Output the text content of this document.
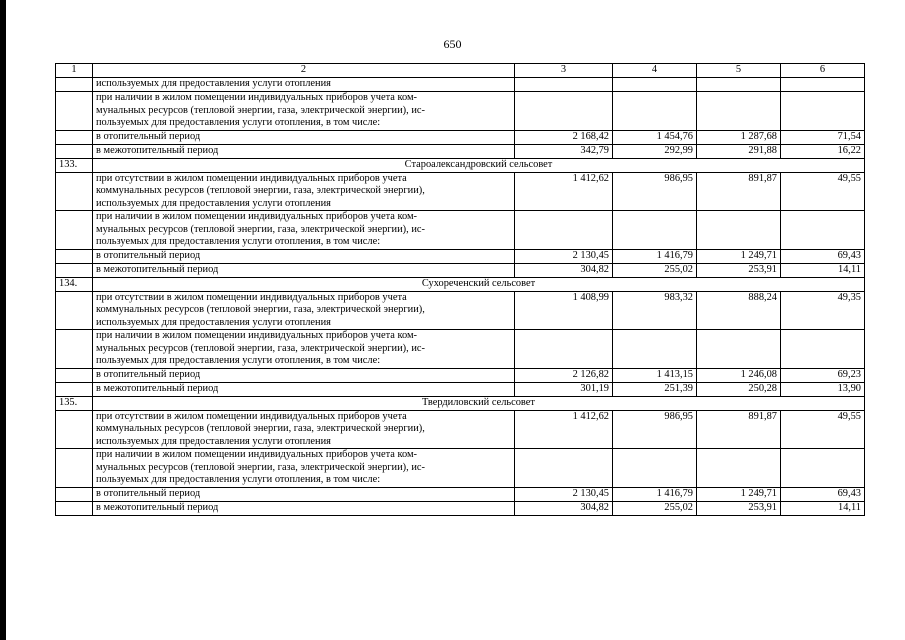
650
1	2	3	4	5	6
	используемых для предоставления услуги отопления				

	при наличии в жилом помещении индивидуальных приборов учета ком-
мунальных ресурсов (тепловой энергии, газа, электрической энергии), ис-
пользуемых для предоставления услуги отопления, в том числе:				

	в отопительный период	2 168,42	1 454,76	1 287,68	71,54
	в межотопительный период	342,79	292,99	291,88	16,22
133.	Староалександровский сельсовет				

	при отсутствии в жилом помещении индивидуальных приборов учета
коммунальных ресурсов (тепловой энергии, газа, электрической энергии),
используемых для предоставления услуги отопления	1 412,62	986,95	891,87	49,55

	при наличии в жилом помещении индивидуальных приборов учета ком-
мунальных ресурсов (тепловой энергии, газа, электрической энергии), ис-
пользуемых для предоставления услуги отопления, в том числе:				

	в отопительный период	2 130,45	1 416,79	1 249,71	69,43
	в межотопительный период	304,82	255,02	253,91	14,11
134.	Сухореченский сельсовет				

	при отсутствии в жилом помещении индивидуальных приборов учета
коммунальных ресурсов (тепловой энергии, газа, электрической энергии),
используемых для предоставления услуги отопления	1 408,99	983,32	888,24	49,35

	при наличии в жилом помещении индивидуальных приборов учета ком-
мунальных ресурсов (тепловой энергии, газа, электрической энергии), ис-
пользуемых для предоставления услуги отопления, в том числе:				

	в отопительный период	2 126,82	1 413,15	1 246,08	69,23
	в межотопительный период	301,19	251,39	250,28	13,90
135.	Твердиловский сельсовет				

	при отсутствии в жилом помещении индивидуальных приборов учета
коммунальных ресурсов (тепловой энергии, газа, электрической энергии),
используемых для предоставления услуги отопления	1 412,62	986,95	891,87	49,55

	при наличии в жилом помещении индивидуальных приборов учета ком-
мунальных ресурсов (тепловой энергии, газа, электрической энергии), ис-
пользуемых для предоставления услуги отопления, в том числе:				

	в отопительный период	2 130,45	1 416,79	1 249,71	69,43
	в межотопительный период	304,82	255,02	253,91	14,11
